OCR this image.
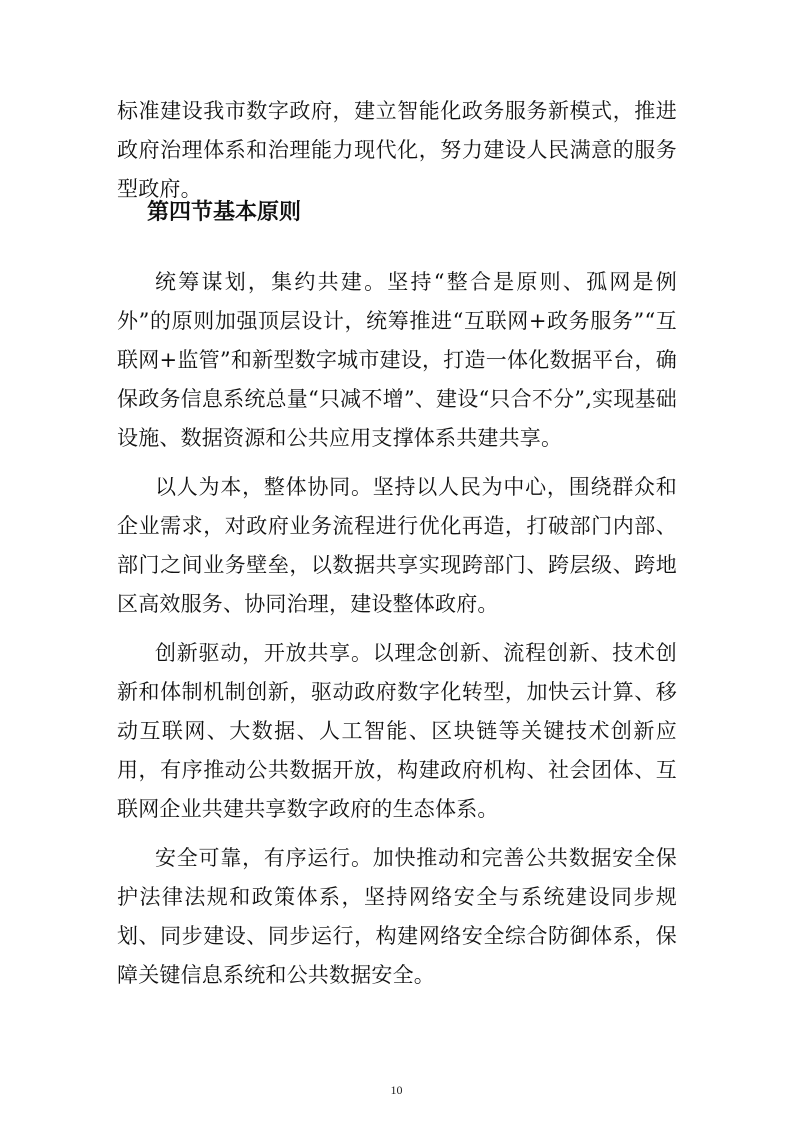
标准建设我市数字政府，建立智能化政务服务新模式，推进政府治理体系和治理能力现代化，努力建设人民满意的服务型政府。

第四节基本原则

统筹谋划，集约共建。坚持“整合是原则、孤网是例外”的原则加强顶层设计，统筹推进“互联网+政务服务”“互联网+监管”和新型数字城市建设，打造一体化数据平台，确保政务信息系统总量“只减不增”、建设“只合不分”,实现基础设施、数据资源和公共应用支撑体系共建共享。

以人为本，整体协同。坚持以人民为中心，围绕群众和企业需求，对政府业务流程进行优化再造，打破部门内部、部门之间业务壁垒，以数据共享实现跨部门、跨层级、跨地区高效服务、协同治理，建设整体政府。

创新驱动，开放共享。以理念创新、流程创新、技术创新和体制机制创新，驱动政府数字化转型，加快云计算、移动互联网、大数据、人工智能、区块链等关键技术创新应用，有序推动公共数据开放，构建政府机构、社会团体、互联网企业共建共享数字政府的生态体系。

安全可靠，有序运行。加快推动和完善公共数据安全保护法律法规和政策体系，坚持网络安全与系统建设同步规划、同步建设、同步运行，构建网络安全综合防御体系，保障关键信息系统和公共数据安全。

10
